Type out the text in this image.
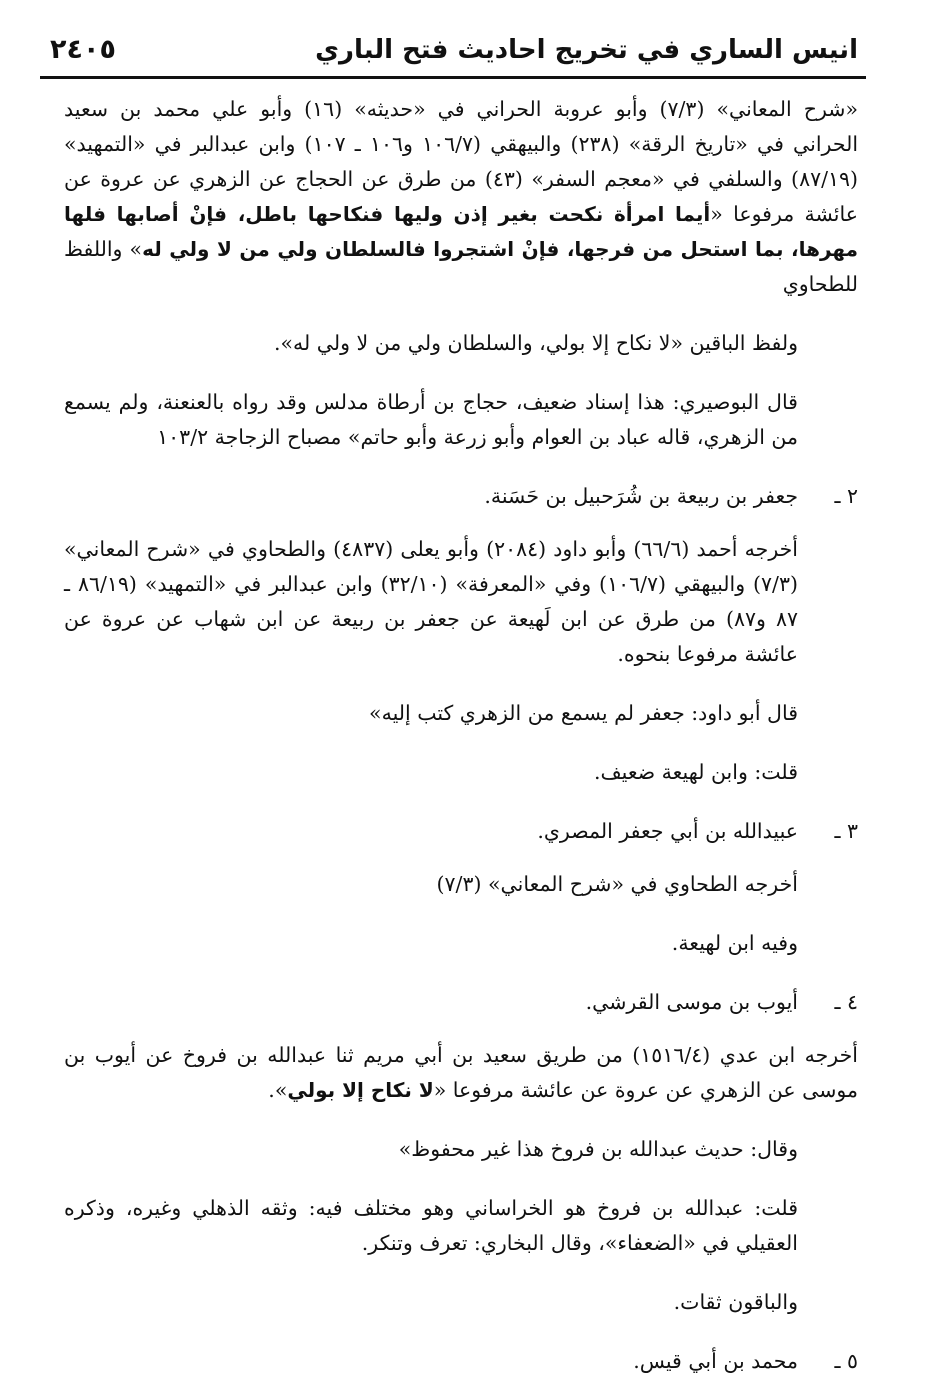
٢٤٠٥	انيس الساري في تخريج احاديث فتح الباري

«شرح المعاني» (٧/٣) وأبو عروبة الحراني في «حديثه» (١٦) وأبو علي محمد بن سعيد الحراني في «تاريخ الرقة» (٢٣٨) والبيهقي (١٠٦/٧ و١٠٦ ـ ١٠٧) وابن عبدالبر في «التمهيد» (٨٧/١٩) والسلفي في «معجم السفر» (٤٣) من طرق عن الحجاج عن الزهري عن عروة عن عائشة مرفوعا «أيما امرأة نكحت بغير إذن وليها فنكاحها باطل، فإنْ أصابها فلها مهرها، بما استحل من فرجها، فإنْ اشتجروا فالسلطان ولي من لا ولي له» واللفظ للطحاوي

ولفظ الباقين «لا نكاح إلا بولي، والسلطان ولي من لا ولي له».

قال البوصيري: هذا إسناد ضعيف، حجاج بن أرطاة مدلس وقد رواه بالعنعنة، ولم يسمع من الزهري، قاله عباد بن العوام وأبو زرعة وأبو حاتم» مصباح الزجاجة ١٠٣/٢

٢ ـ
جعفر بن ربيعة بن شُرَحبيل بن حَسَنة.

أخرجه أحمد (٦٦/٦) وأبو داود (٢٠٨٤) وأبو يعلى (٤٨٣٧) والطحاوي في «شرح المعاني» (٧/٣) والبيهقي (١٠٦/٧) وفي «المعرفة» (٣٢/١٠) وابن عبدالبر في «التمهيد» (٨٦/١٩ ـ ٨٧ و٨٧) من طرق عن ابن لَهيعة عن جعفر بن ربيعة عن ابن شهاب عن عروة عن عائشة مرفوعا بنحوه.

قال أبو داود: جعفر لم يسمع من الزهري كتب إليه»

قلت: وابن لهيعة ضعيف.

٣ ـ
عبيدالله بن أبي جعفر المصري.

أخرجه الطحاوي في «شرح المعاني» (٧/٣)

وفيه ابن لهيعة.

٤ ـ
أيوب بن موسى القرشي.

أخرجه ابن عدي (١٥١٦/٤) من طريق سعيد بن أبي مريم ثنا عبدالله بن فروخ عن أيوب بن موسى عن الزهري عن عروة عن عائشة مرفوعا «لا نكاح إلا بولي».

وقال: حديث عبدالله بن فروخ هذا غير محفوظ»

قلت: عبدالله بن فروخ هو الخراساني وهو مختلف فيه: وثقه الذهلي وغيره، وذكره العقيلي في «الضعفاء»، وقال البخاري: تعرف وتنكر.

والباقون ثقات.

٥ ـ
محمد بن أبي قيس.
